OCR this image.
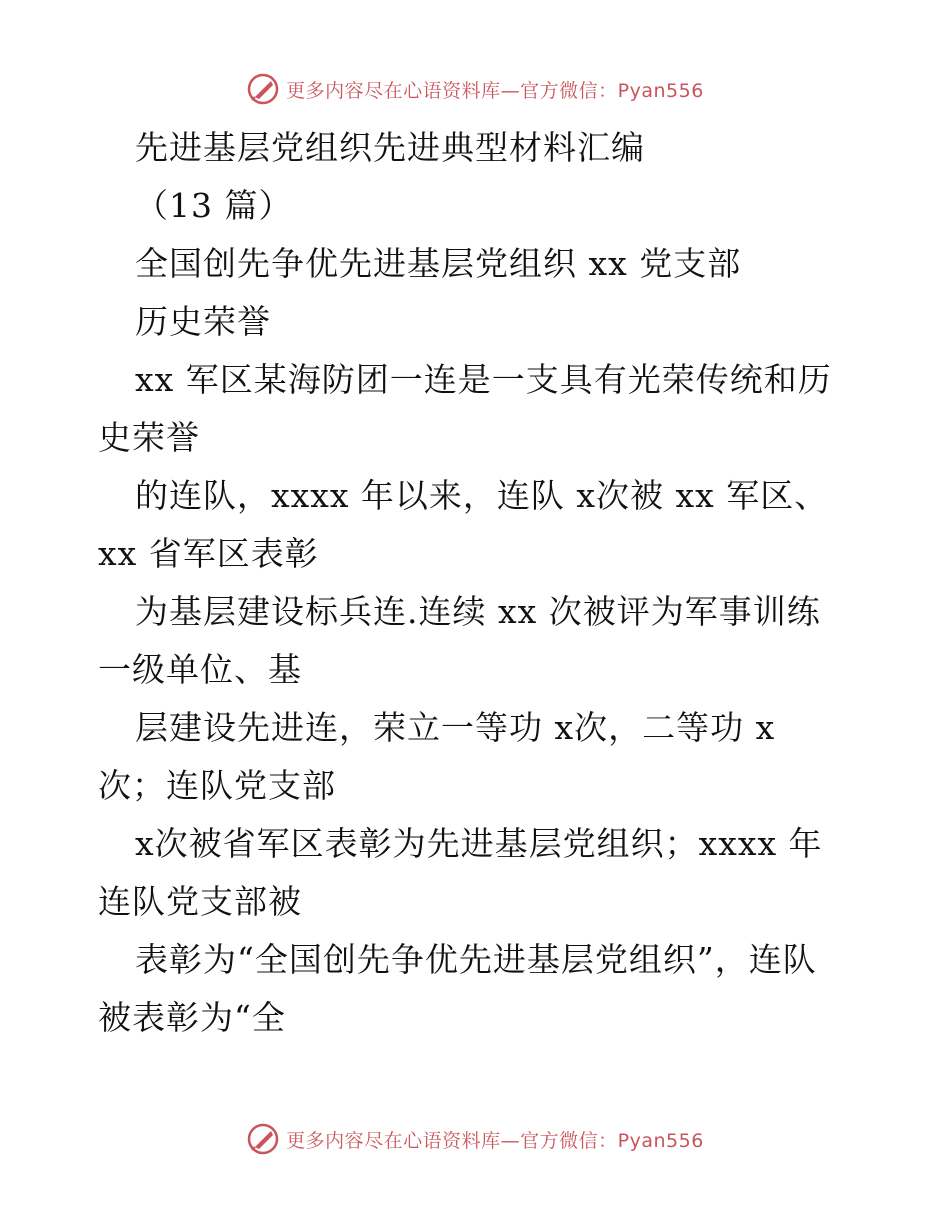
更多内容尽在心语资料库—官方微信：Pyan556
先进基层党组织先进典型材料汇编
（13 篇）
全国创先争优先进基层党组织 xx 党支部
历史荣誉
xx 军区某海防团一连是一支具有光荣传统和历
史荣誉
的连队，xxxx 年以来，连队 x次被 xx 军区、
xx 省军区表彰
为基层建设标兵连.连续 xx 次被评为军事训练
一级单位、基
层建设先进连，荣立一等功 x次，二等功 x
次；连队党支部
x次被省军区表彰为先进基层党组织；xxxx 年
连队党支部被
表彰为“全国创先争优先进基层党组织”，连队
被表彰为“全
更多内容尽在心语资料库—官方微信：Pyan556
